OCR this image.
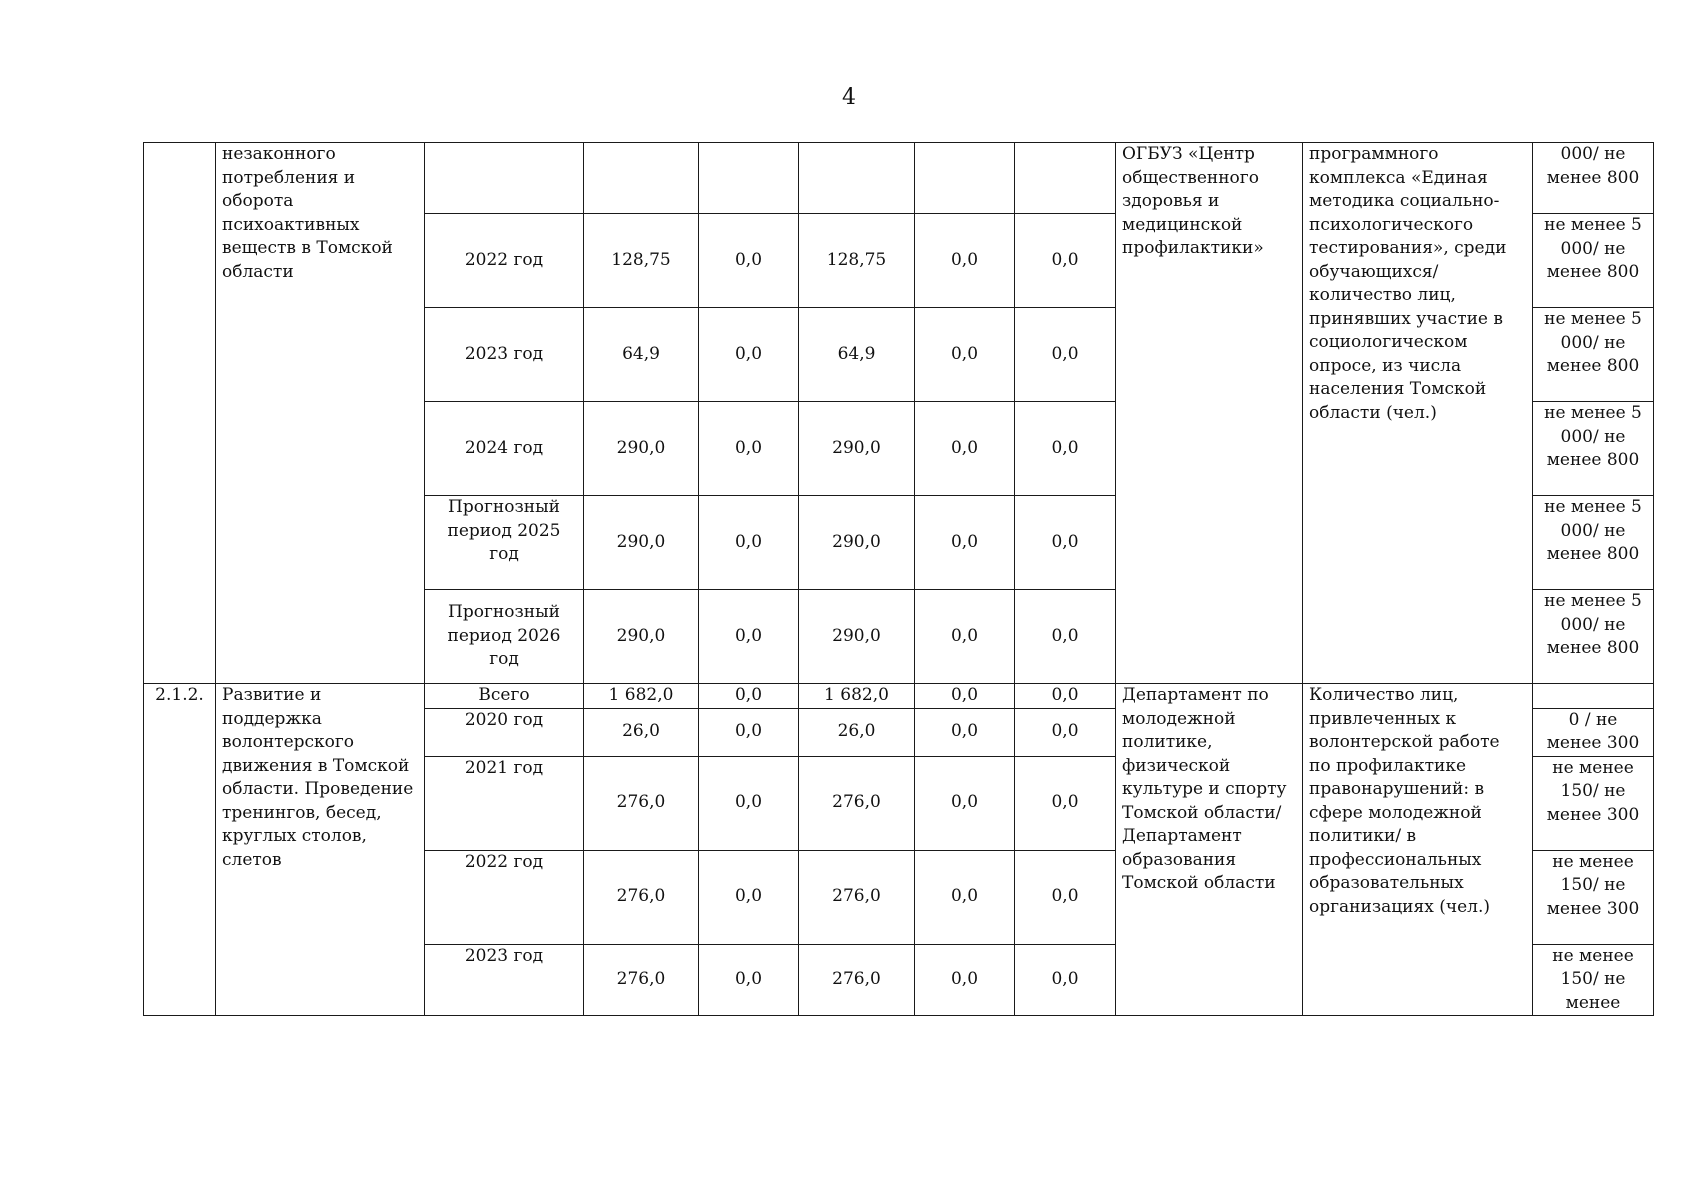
4
	незаконного потребления и оборота психоактивных веществ в Томской области							ОГБУЗ «Центр общественного здоровья и медицинской профилактики»	программного комплекса «Единая методика социально-психологического тестирования», среди обучающихся/ количество лиц, принявших участие в социологическом опросе, из числа населения Томской области (чел.)	000/ не менее 800
		2022 год	128,75	0,0	128,75	0,0	0,0			не менее 5 000/ не менее 800
		2023 год	64,9	0,0	64,9	0,0	0,0			не менее 5 000/ не менее 800
		2024 год	290,0	0,0	290,0	0,0	0,0			не менее 5 000/ не менее 800
		Прогнозный период 2025 год	290,0	0,0	290,0	0,0	0,0			не менее 5 000/ не менее 800
		Прогнозный период 2026 год	290,0	0,0	290,0	0,0	0,0			не менее 5 000/ не менее 800
2.1.2.	Развитие и поддержка волонтерского движения в Томской области. Проведение тренингов, бесед, круглых столов, слетов	Всего	1 682,0	0,0	1 682,0	0,0	0,0	Департамент по молодежной политике, физической культуре и спорту Томской области/ Департамент образования Томской области	Количество лиц, привлеченных к волонтерской работе по профилактике правонарушений: в сфере молодежной политики/ в профессиональных образовательных организациях (чел.)	
		2020 год	26,0	0,0	26,0	0,0	0,0			0 / не менее 300
		2021 год	276,0	0,0	276,0	0,0	0,0			не менее 150/ не менее 300
		2022 год	276,0	0,0	276,0	0,0	0,0			не менее 150/ не менее 300
		2023 год	276,0	0,0	276,0	0,0	0,0			не менее 150/ не менее
